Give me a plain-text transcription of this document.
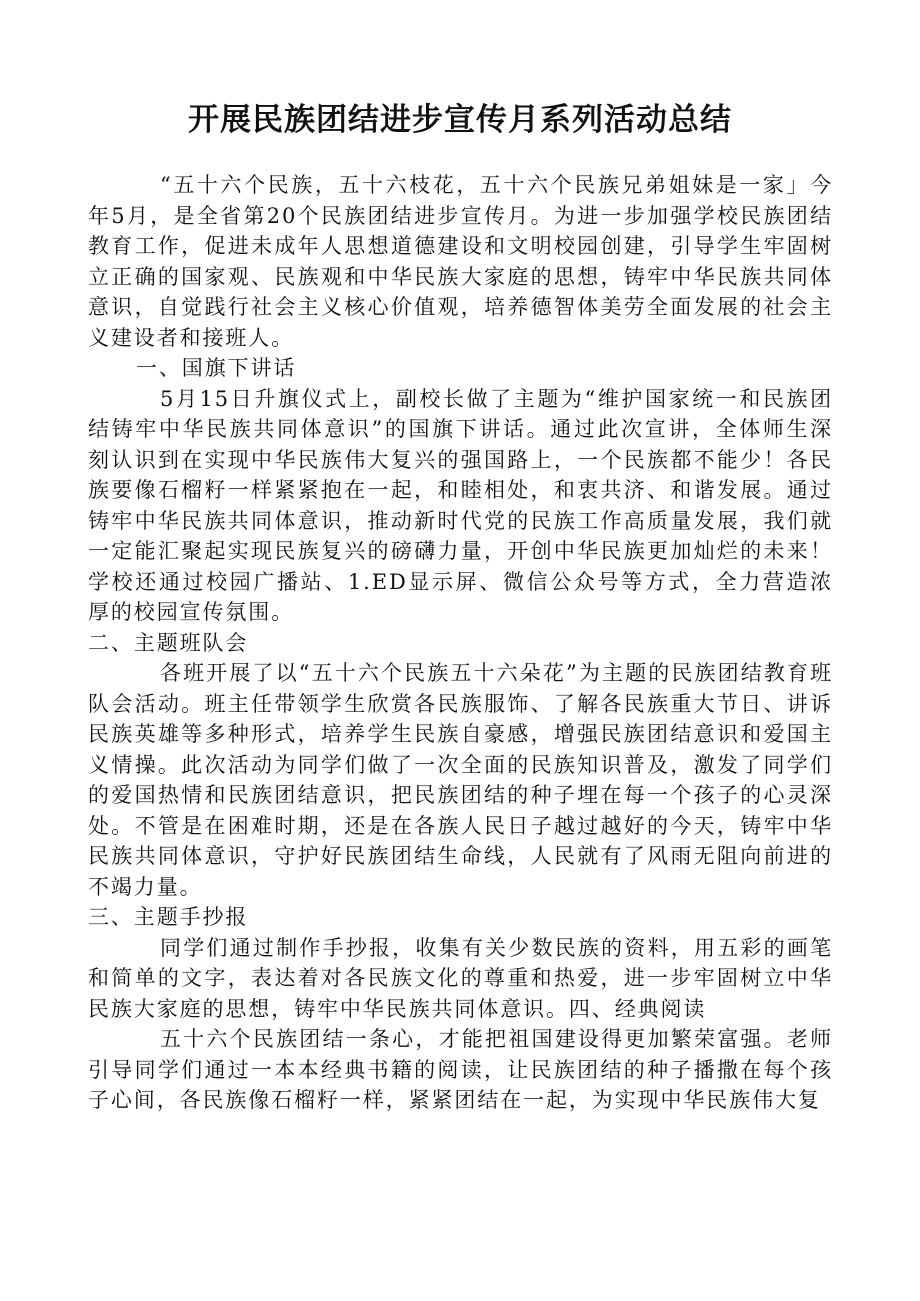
开展民族团结进步宣传月系列活动总结

“五十六个民族，五十六枝花，五十六个民族兄弟姐妹是一家」今年5月，是全省第20个民族团结进步宣传月。为进一步加强学校民族团结教育工作，促进未成年人思想道德建设和文明校园创建，引导学生牢固树立正确的国家观、民族观和中华民族大家庭的思想，铸牢中华民族共同体意识，自觉践行社会主义核心价值观，培养德智体美劳全面发展的社会主义建设者和接班人。

一、国旗下讲话

5月15日升旗仪式上，副校长做了主题为“维护国家统一和民族团结铸牢中华民族共同体意识”的国旗下讲话。通过此次宣讲，全体师生深刻认识到在实现中华民族伟大复兴的强国路上，一个民族都不能少！各民族要像石榴籽一样紧紧抱在一起，和睦相处，和衷共济、和谐发展。通过铸牢中华民族共同体意识，推动新时代党的民族工作高质量发展，我们就一定能汇聚起实现民族复兴的磅礴力量，开创中华民族更加灿烂的未来！学校还通过校园广播站、1.ED显示屏、微信公众号等方式，全力营造浓厚的校园宣传氛围。

二、主题班队会

各班开展了以“五十六个民族五十六朵花”为主题的民族团结教育班队会活动。班主任带领学生欣赏各民族服饰、了解各民族重大节日、讲诉民族英雄等多种形式，培养学生民族自豪感，增强民族团结意识和爱国主义情操。此次活动为同学们做了一次全面的民族知识普及，激发了同学们的爱国热情和民族团结意识，把民族团结的种子埋在每一个孩子的心灵深处。不管是在困难时期，还是在各族人民日子越过越好的今天，铸牢中华民族共同体意识，守护好民族团结生命线，人民就有了风雨无阻向前进的不竭力量。

三、主题手抄报

同学们通过制作手抄报，收集有关少数民族的资料，用五彩的画笔和简单的文字，表达着对各民族文化的尊重和热爱，进一步牢固树立中华民族大家庭的思想，铸牢中华民族共同体意识。四、经典阅读

五十六个民族团结一条心，才能把祖国建设得更加繁荣富强。老师引导同学们通过一本本经典书籍的阅读，让民族团结的种子播撒在每个孩子心间，各民族像石榴籽一样，紧紧团结在一起，为实现中华民族伟大复
